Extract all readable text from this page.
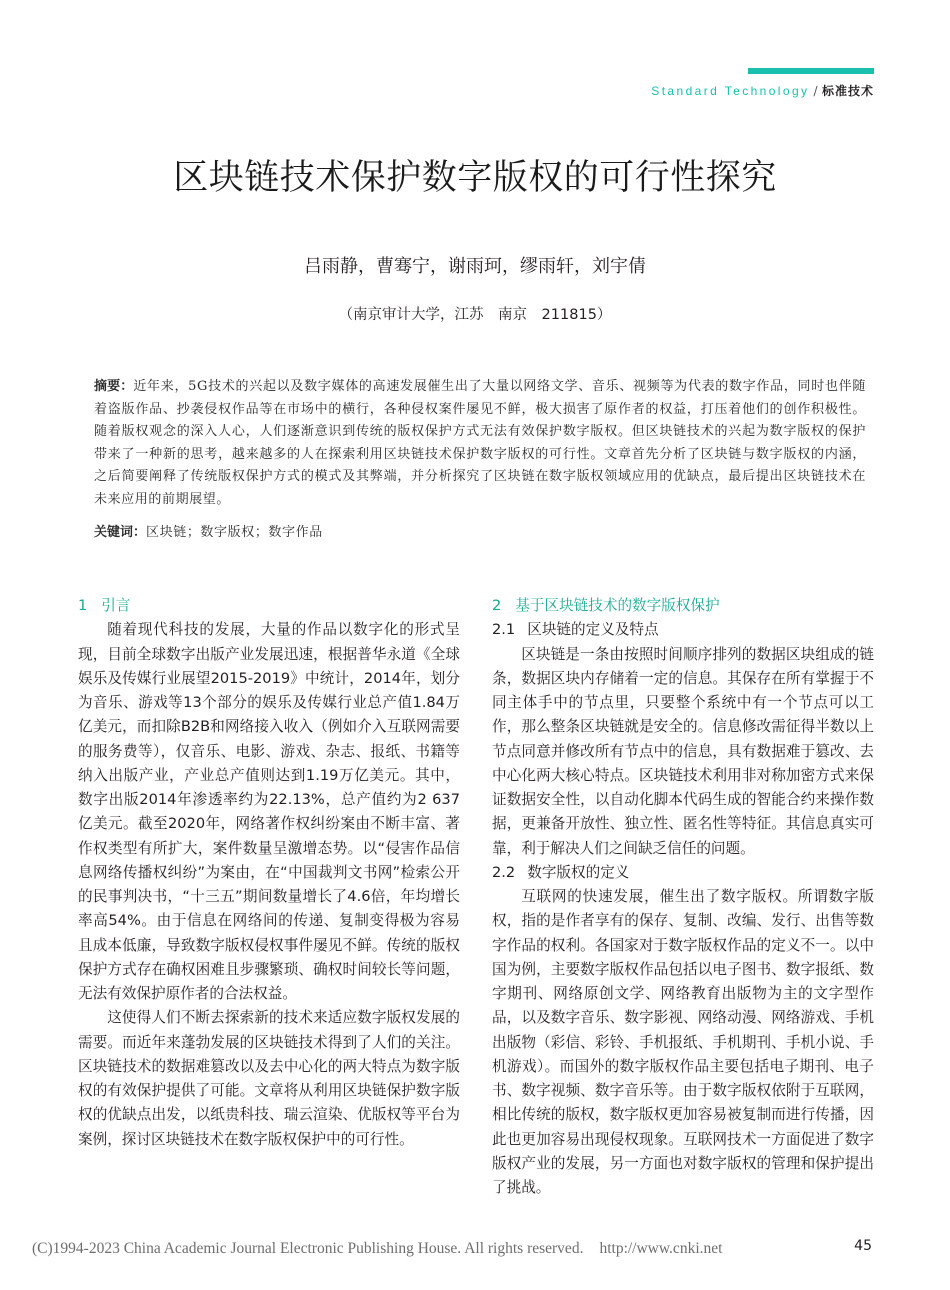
Standard Technology / 标准技术
区块链技术保护数字版权的可行性探究
吕雨静，曹骞宁，谢雨珂，缪雨轩，刘宇倩
（南京审计大学，江苏　南京　211815）
摘要：近年来，5G技术的兴起以及数字媒体的高速发展催生出了大量以网络文学、音乐、视频等为代表的数字作品，同时也伴随着盗版作品、抄袭侵权作品等在市场中的横行，各种侵权案件屡见不鲜，极大损害了原作者的权益，打压着他们的创作积极性。随着版权观念的深入人心，人们逐渐意识到传统的版权保护方式无法有效保护数字版权。但区块链技术的兴起为数字版权的保护带来了一种新的思考，越来越多的人在探索利用区块链技术保护数字版权的可行性。文章首先分析了区块链与数字版权的内涵，之后简要阐释了传统版权保护方式的模式及其弊端，并分析探究了区块链在数字版权领域应用的优缺点，最后提出区块链技术在未来应用的前期展望。
关键词：区块链；数字版权；数字作品
1 引言

随着现代科技的发展，大量的作品以数字化的形式呈现，目前全球数字出版产业发展迅速，根据普华永道《全球娱乐及传媒行业展望2015-2019》中统计，2014年，划分为音乐、游戏等13个部分的娱乐及传媒行业总产值1.84万亿美元，而扣除B2B和网络接入收入（例如介入互联网需要的服务费等），仅音乐、电影、游戏、杂志、报纸、书籍等纳入出版产业，产业总产值则达到1.19万亿美元。其中，数字出版2014年渗透率约为22.13%，总产值约为2 637亿美元。截至2020年，网络著作权纠纷案由不断丰富、著作权类型有所扩大，案件数量呈激增态势。以“侵害作品信息网络传播权纠纷”为案由，在“中国裁判文书网”检索公开的民事判决书，“十三五”期间数量增长了4.6倍，年均增长率高54%。由于信息在网络间的传递、复制变得极为容易且成本低廉，导致数字版权侵权事件屡见不鲜。传统的版权保护方式存在确权困难且步骤繁琐、确权时间较长等问题，无法有效保护原作者的合法权益。

这使得人们不断去探索新的技术来适应数字版权发展的需要。而近年来蓬勃发展的区块链技术得到了人们的关注。区块链技术的数据难篡改以及去中心化的两大特点为数字版权的有效保护提供了可能。文章将从利用区块链保护数字版权的优缺点出发，以纸贵科技、瑞云渲染、优版权等平台为案例，探讨区块链技术在数字版权保护中的可行性。

2 基于区块链技术的数字版权保护
2.1 区块链的定义及特点

区块链是一条由按照时间顺序排列的数据区块组成的链条，数据区块内存储着一定的信息。其保存在所有掌握于不同主体手中的节点里，只要整个系统中有一个节点可以工作，那么整条区块链就是安全的。信息修改需征得半数以上节点同意并修改所有节点中的信息，具有数据难于篡改、去中心化两大核心特点。区块链技术利用非对称加密方式来保证数据安全性，以自动化脚本代码生成的智能合约来操作数据，更兼备开放性、独立性、匿名性等特征。其信息真实可靠，利于解决人们之间缺乏信任的问题。

2.2 数字版权的定义

互联网的快速发展，催生出了数字版权。所谓数字版权，指的是作者享有的保存、复制、改编、发行、出售等数字作品的权利。各国家对于数字版权作品的定义不一。以中国为例，主要数字版权作品包括以电子图书、数字报纸、数字期刊、网络原创文学、网络教育出版物为主的文字型作品，以及数字音乐、数字影视、网络动漫、网络游戏、手机出版物（彩信、彩铃、手机报纸、手机期刊、手机小说、手机游戏）。而国外的数字版权作品主要包括电子期刊、电子书、数字视频、数字音乐等。由于数字版权依附于互联网，相比传统的版权，数字版权更加容易被复制而进行传播，因此也更加容易出现侵权现象。互联网技术一方面促进了数字版权产业的发展，另一方面也对数字版权的管理和保护提出了挑战。

(C)1994-2023 China Academic Journal Electronic Publishing House. All rights reserved. http://www.cnki.net	45
